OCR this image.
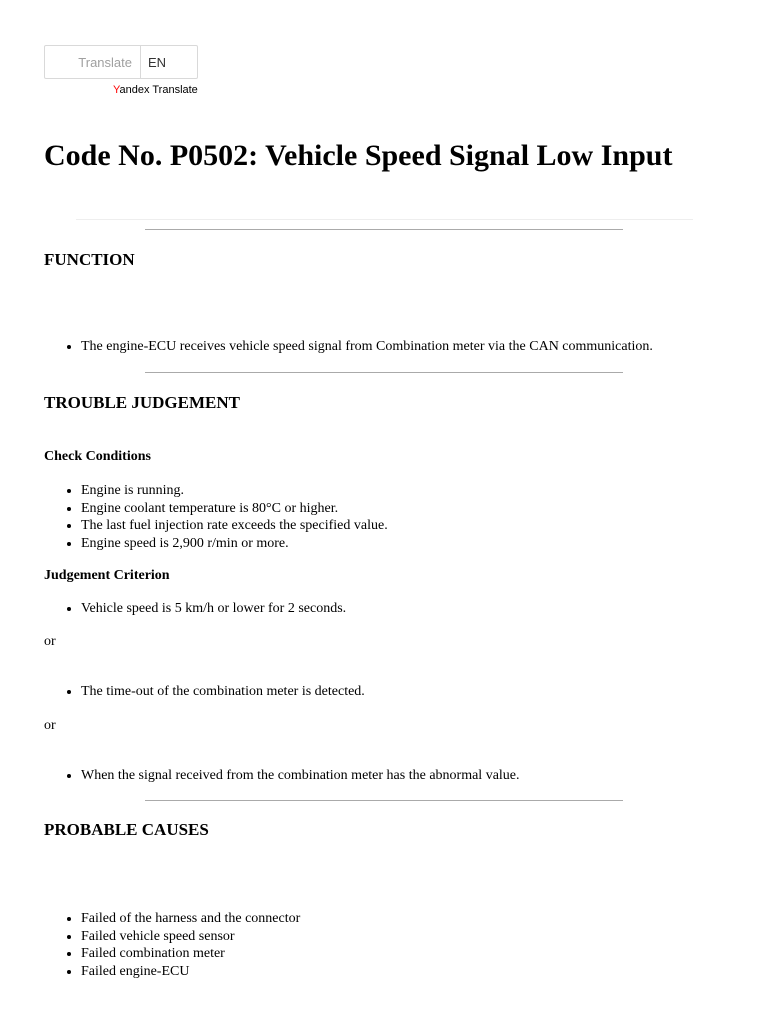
Translate	EN
Yandex Translate
Code No. P0502: Vehicle Speed Signal Low Input
FUNCTION
• The engine-ECU receives vehicle speed signal from Combination meter via the CAN communication.
TROUBLE JUDGEMENT
Check Conditions
• Engine is running.
• Engine coolant temperature is 80°C or higher.
• The last fuel injection rate exceeds the specified value.
• Engine speed is 2,900 r/min or more.
Judgement Criterion
• Vehicle speed is 5 km/h or lower for 2 seconds.

or

• The time-out of the combination meter is detected.

or

• When the signal received from the combination meter has the abnormal value.
PROBABLE CAUSES
• Failed of the harness and the connector
• Failed vehicle speed sensor
• Failed combination meter
• Failed engine-ECU
